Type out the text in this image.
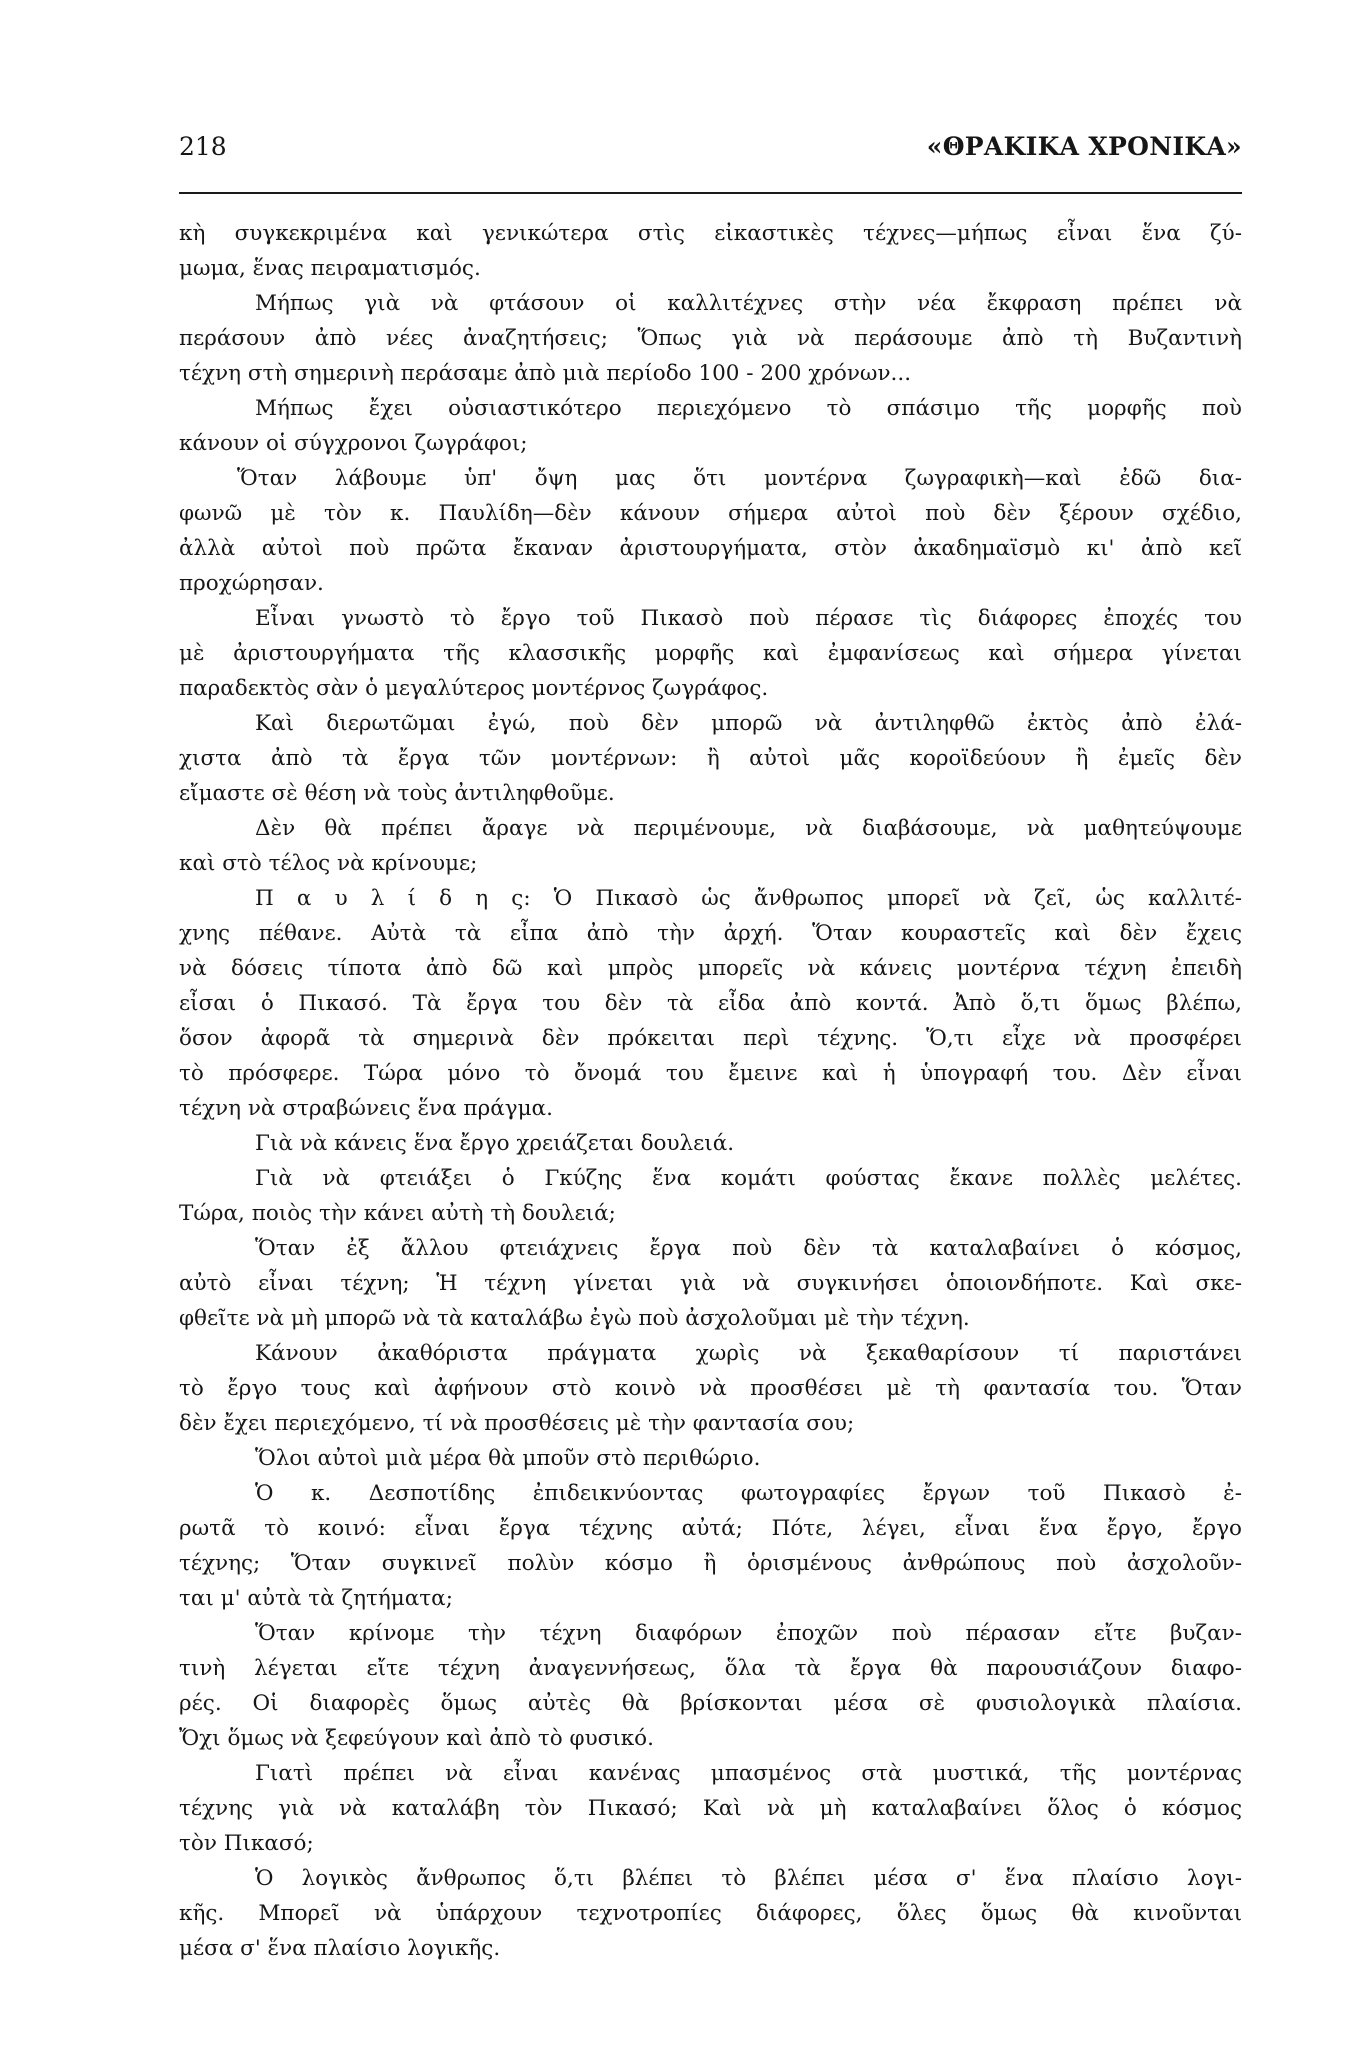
218	«ΘΡΑΚΙΚΑ ΧΡΟΝΙΚΑ»
κὴ συγκεκριμένα καὶ γενικώτερα στὶς εἰκαστικὲς τέχνες—μήπως εἶναι ἕνα ζύ-
μωμα, ἕνας πειραματισμός.
Μήπως γιὰ νὰ φτάσουν οἱ καλλιτέχνες στὴν νέα ἔκφραση πρέπει νὰ
περάσουν ἀπὸ νέες ἀναζητήσεις; Ὅπως γιὰ νὰ περάσουμε ἀπὸ τὴ Βυζαντινὴ
τέχνη στὴ σημερινὴ περάσαμε ἀπὸ μιὰ περίοδο 100 - 200 χρόνων...
Μήπως ἔχει οὐσιαστικότερο περιεχόμενο τὸ σπάσιμο τῆς μορφῆς ποὺ
κάνουν οἱ σύγχρονοι ζωγράφοι;
Ὅταν λάβουμε ὑπ' ὄψη μας ὅτι μοντέρνα ζωγραφικὴ—καὶ ἐδῶ δια-
φωνῶ μὲ τὸν κ. Παυλίδη—δὲν κάνουν σήμερα αὐτοὶ ποὺ δὲν ξέρουν σχέδιο,
ἀλλὰ αὐτοὶ ποὺ πρῶτα ἔκαναν ἀριστουργήματα, στὸν ἀκαδημαϊσμὸ κι' ἀπὸ κεῖ
προχώρησαν.
Εἶναι γνωστὸ τὸ ἔργο τοῦ Πικασὸ ποὺ πέρασε τὶς διάφορες ἐποχές του
μὲ ἀριστουργήματα τῆς κλασσικῆς μορφῆς καὶ ἐμφανίσεως καὶ σήμερα γίνεται
παραδεκτὸς σὰν ὁ μεγαλύτερος μοντέρνος ζωγράφος.
Καὶ διερωτῶμαι ἐγώ, ποὺ δὲν μπορῶ νὰ ἀντιληφθῶ ἐκτὸς ἀπὸ ἐλά-
χιστα ἀπὸ τὰ ἔργα τῶν μοντέρνων: ἢ αὐτοὶ μᾶς κοροϊδεύουν ἢ ἐμεῖς δὲν
εἴμαστε σὲ θέση νὰ τοὺς ἀντιληφθοῦμε.
Δὲν θὰ πρέπει ἄραγε νὰ περιμένουμε, νὰ διαβάσουμε, νὰ μαθητεύψουμε
καὶ στὸ τέλος νὰ κρίνουμε;
Π α υ λ ί δ η ς: Ὁ Πικασὸ ὡς ἄνθρωπος μπορεῖ νὰ ζεῖ, ὡς καλλιτέ-
χνης πέθανε. Αὐτὰ τὰ εἶπα ἀπὸ τὴν ἀρχή. Ὅταν κουραστεῖς καὶ δὲν ἔχεις
νὰ δόσεις τίποτα ἀπὸ δῶ καὶ μπρὸς μπορεῖς νὰ κάνεις μοντέρνα τέχνη ἐπειδὴ
εἶσαι ὁ Πικασό. Τὰ ἔργα του δὲν τὰ εἶδα ἀπὸ κοντά. Ἀπὸ ὅ,τι ὅμως βλέπω,
ὅσον ἀφορᾶ τὰ σημερινὰ δὲν πρόκειται περὶ τέχνης. Ὅ,τι εἶχε νὰ προσφέρει
τὸ πρόσφερε. Τώρα μόνο τὸ ὄνομά του ἔμεινε καὶ ἡ ὑπογραφή του. Δὲν εἶναι
τέχνη νὰ στραβώνεις ἕνα πράγμα.
Γιὰ νὰ κάνεις ἕνα ἔργο χρειάζεται δουλειά.
Γιὰ νὰ φτειάξει ὁ Γκύζης ἕνα κομάτι φούστας ἔκανε πολλὲς μελέτες.
Τώρα, ποιὸς τὴν κάνει αὐτὴ τὴ δουλειά;
Ὅταν ἐξ ἄλλου φτειάχνεις ἔργα ποὺ δὲν τὰ καταλαβαίνει ὁ κόσμος,
αὐτὸ εἶναι τέχνη; Ἡ τέχνη γίνεται γιὰ νὰ συγκινήσει ὁποιονδήποτε. Καὶ σκε-
φθεῖτε νὰ μὴ μπορῶ νὰ τὰ καταλάβω ἐγὼ ποὺ ἀσχολοῦμαι μὲ τὴν τέχνη.
Κάνουν ἀκαθόριστα πράγματα χωρὶς νὰ ξεκαθαρίσουν τί παριστάνει
τὸ ἔργο τους καὶ ἀφήνουν στὸ κοινὸ νὰ προσθέσει μὲ τὴ φαντασία του. Ὅταν
δὲν ἔχει περιεχόμενο, τί νὰ προσθέσεις μὲ τὴν φαντασία σου;
Ὅλοι αὐτοὶ μιὰ μέρα θὰ μποῦν στὸ περιθώριο.
Ὁ κ. Δεσποτίδης ἐπιδεικνύοντας φωτογραφίες ἔργων τοῦ Πικασὸ ἐ-
ρωτᾶ τὸ κοινό: εἶναι ἔργα τέχνης αὐτά; Πότε, λέγει, εἶναι ἕνα ἔργο, ἔργο
τέχνης; Ὅταν συγκινεῖ πολὺν κόσμο ἢ ὁρισμένους ἀνθρώπους ποὺ ἀσχολοῦν-
ται μ' αὐτὰ τὰ ζητήματα;
Ὅταν κρίνομε τὴν τέχνη διαφόρων ἐποχῶν ποὺ πέρασαν εἴτε βυζαν-
τινὴ λέγεται εἴτε τέχνη ἀναγεννήσεως, ὅλα τὰ ἔργα θὰ παρουσιάζουν διαφο-
ρές. Οἱ διαφορὲς ὅμως αὐτὲς θὰ βρίσκονται μέσα σὲ φυσιολογικὰ πλαίσια.
Ὄχι ὅμως νὰ ξεφεύγουν καὶ ἀπὸ τὸ φυσικό.
Γιατὶ πρέπει νὰ εἶναι κανένας μπασμένος στὰ μυστικά, τῆς μοντέρνας
τέχνης γιὰ νὰ καταλάβη τὸν Πικασό; Καὶ νὰ μὴ καταλαβαίνει ὅλος ὁ κόσμος
τὸν Πικασό;
Ὁ λογικὸς ἄνθρωπος ὅ,τι βλέπει τὸ βλέπει μέσα σ' ἕνα πλαίσιο λογι-
κῆς. Μπορεῖ νὰ ὑπάρχουν τεχνοτροπίες διάφορες, ὅλες ὅμως θὰ κινοῦνται
μέσα σ' ἕνα πλαίσιο λογικῆς.
